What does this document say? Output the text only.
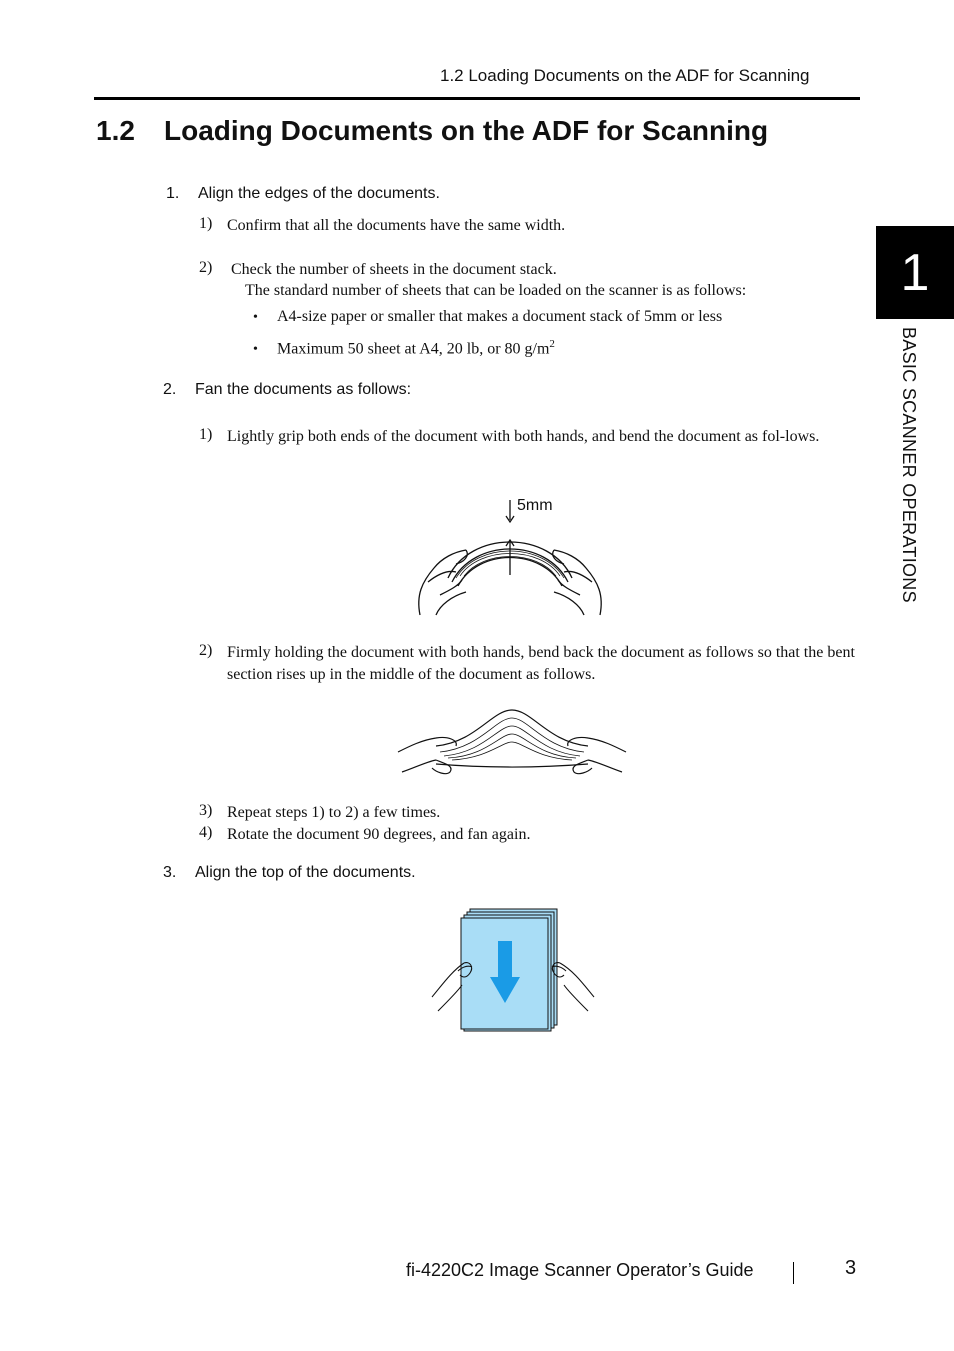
1.2 Loading Documents on the ADF for Scanning
1.2 Loading Documents on the ADF for Scanning
1. Align the edges of the documents.
1) Confirm that all the documents have the same width.
2) Check the number of sheets in the document stack.
The standard number of sheets that can be loaded on the scanner is as follows:
• A4-size paper or smaller that makes a document stack of 5mm or less
• Maximum 50 sheet at A4, 20 lb, or 80 $g/m^2$
2. Fan the documents as follows:
1) Lightly grip both ends of the document with both hands, and bend the document as fol-lows.
5mm
2) Firmly holding the document with both hands, bend back the document as follows so that the bent section rises up in the middle of the document as follows.
3) Repeat steps 1) to 2) a few times.
4) Rotate the document 90 degrees, and fan again.
3. Align the top of the documents.
1
BASIC SCANNER OPERATIONS
fi-4220C2 Image Scanner Operator’s Guide	3
